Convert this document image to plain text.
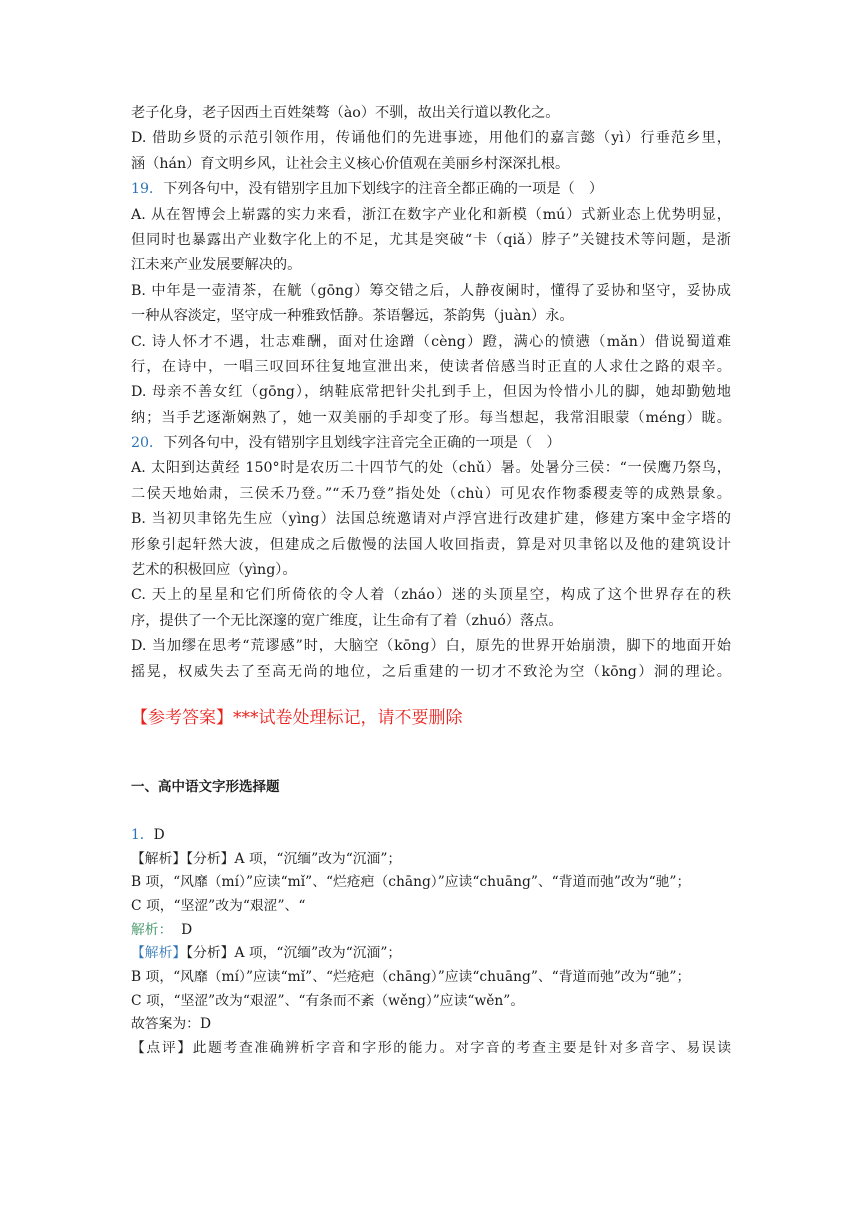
老子化身，老子因西土百姓桀骜（ào）不驯，故出关行道以教化之。
D. 借助乡贤的示范引领作用，传诵他们的先进事迹，用他们的嘉言懿（yì）行垂范乡里，
涵（hán）育文明乡风，让社会主义核心价值观在美丽乡村深深扎根。
19．下列各句中，没有错别字且加下划线字的注音全都正确的一项是（　）
A. 从在智博会上崭露的实力来看，浙江在数字产业化和新模（mú）式新业态上优势明显，
但同时也暴露出产业数字化上的不足，尤其是突破“卡（qiǎ）脖子”关键技术等问题，是浙
江未来产业发展要解决的。
B. 中年是一壶清茶，在觥（gōng）筹交错之后，人静夜阑时，懂得了妥协和坚守，妥协成
一种从容淡定，坚守成一种雅致恬静。茶语馨远，茶韵隽（juàn）永。
C. 诗人怀才不遇，壮志难酬，面对仕途蹭（cèng）蹬，满心的愤懑（mǎn）借说蜀道难
行，在诗中，一唱三叹回环往复地宣泄出来，使读者倍感当时正直的人求仕之路的艰辛。
D. 母亲不善女红（gōng），纳鞋底常把针尖扎到手上，但因为怜惜小儿的脚，她却勤勉地
纳；当手艺逐渐娴熟了，她一双美丽的手却变了形。每当想起，我常泪眼蒙（méng）眬。
20．下列各句中，没有错别字且划线字注音完全正确的一项是（　）
A. 太阳到达黄经 150°时是农历二十四节气的处（chǔ）暑。处暑分三侯：“一侯鹰乃祭鸟，
二侯天地始肃，三侯禾乃登。”“禾乃登”指处处（chù）可见农作物黍稷麦等的成熟景象。
B. 当初贝聿铭先生应（yìng）法国总统邀请对卢浮宫进行改建扩建，修建方案中金字塔的
形象引起轩然大波，但建成之后傲慢的法国人收回指责，算是对贝聿铭以及他的建筑设计
艺术的积极回应（yìng）。
C. 天上的星星和它们所倚依的令人着（zháo）迷的头顶星空，构成了这个世界存在的秩
序，提供了一个无比深邃的宽广维度，让生命有了着（zhuó）落点。
D. 当加缪在思考“荒谬感”时，大脑空（kōng）白，原先的世界开始崩溃，脚下的地面开始
摇晃，权威失去了至高无尚的地位，之后重建的一切才不致沦为空（kōng）洞的理论。
【参考答案】***试卷处理标记，请不要删除
一、高中语文字形选择题
1．D
【解析】【分析】A 项，“沉缅”改为“沉湎”；
B 项，“风靡（mí）”应读“mǐ”、“烂疮疤（chāng）”应读“chuāng”、“背道而弛”改为“驰”；
C 项，“坚涩”改为“艰涩”、“
解析： D
【解析】【分析】A 项，“沉缅”改为“沉湎”；
B 项，“风靡（mí）”应读“mǐ”、“烂疮疤（chāng）”应读“chuāng”、“背道而弛”改为“驰”；
C 项，“坚涩”改为“艰涩”、“有条而不紊（wěng）”应读“wěn”。
故答案为：D
【点评】此题考查准确辨析字音和字形的能力。对字音的考查主要是针对多音字、易误读
